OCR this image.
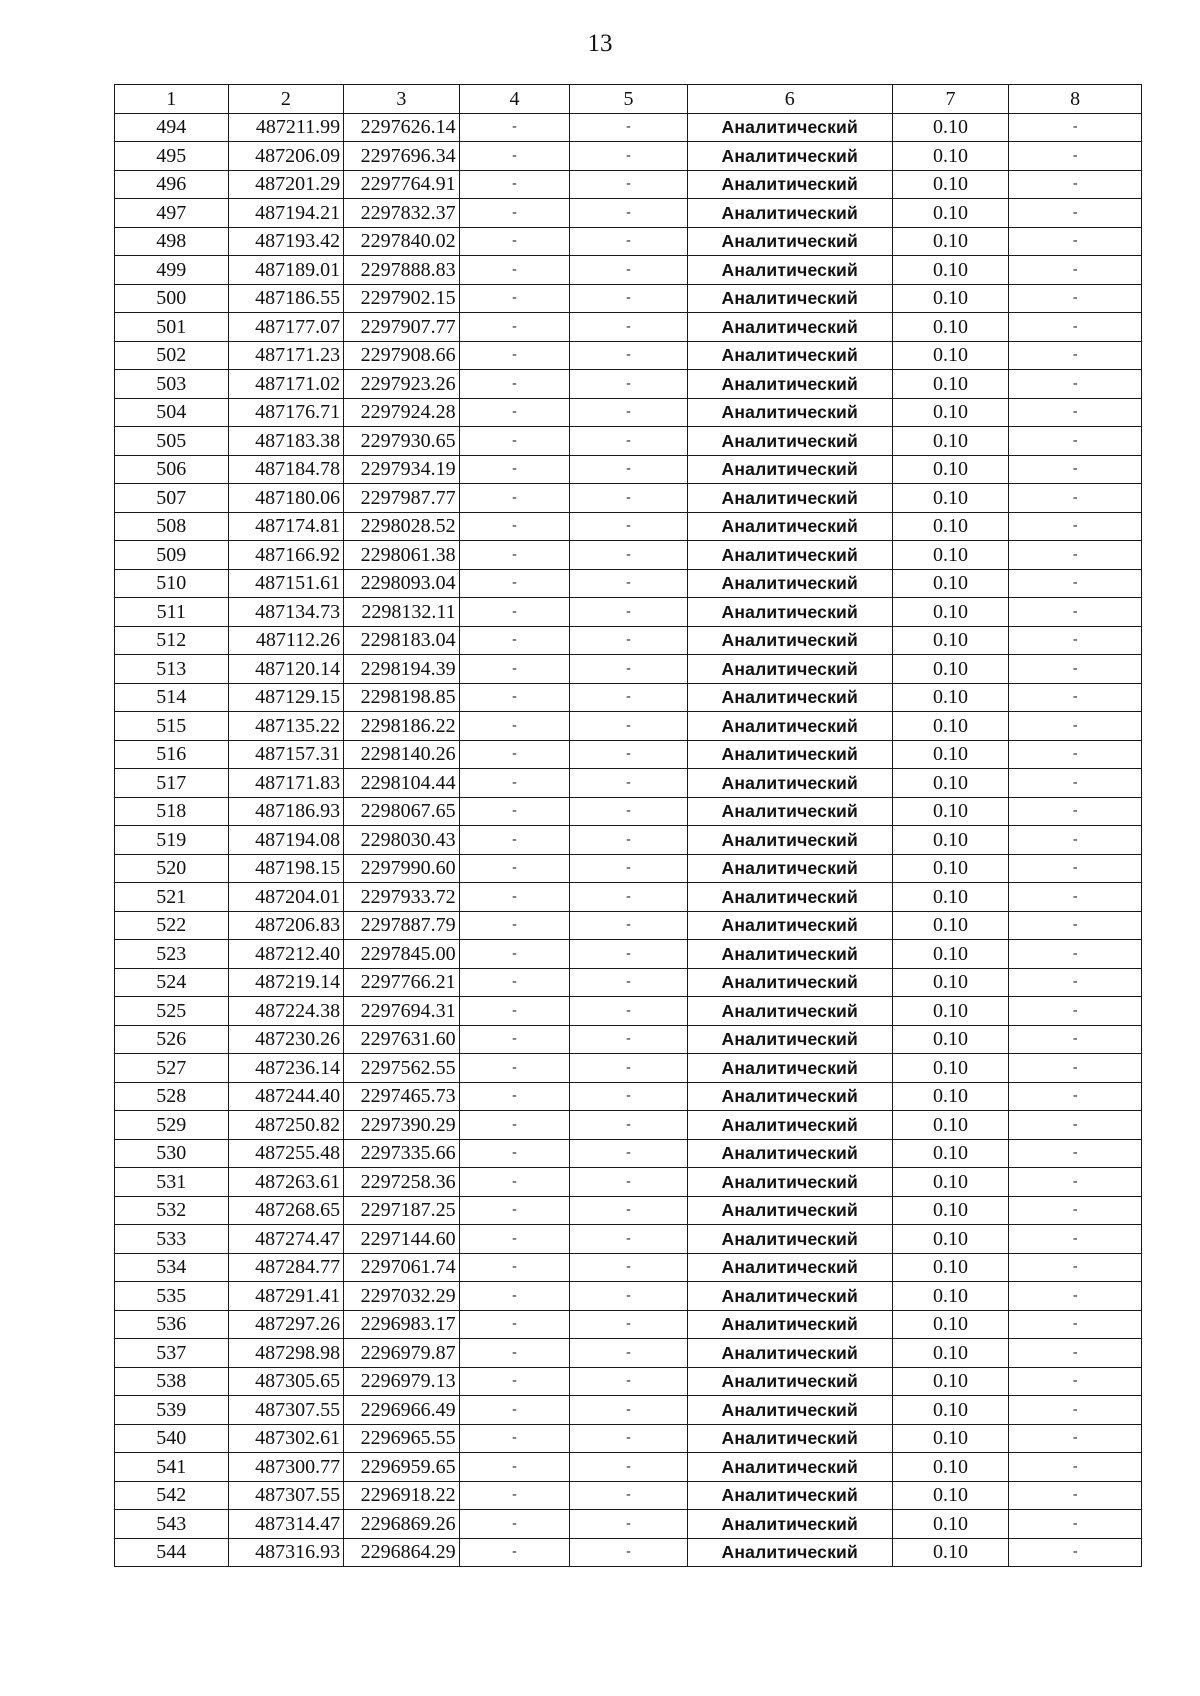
13
1	2	3	4	5	6	7	8
494	487211.99	2297626.14	-	-	Аналитический	0.10	-
495	487206.09	2297696.34	-	-	Аналитический	0.10	-
496	487201.29	2297764.91	-	-	Аналитический	0.10	-
497	487194.21	2297832.37	-	-	Аналитический	0.10	-
498	487193.42	2297840.02	-	-	Аналитический	0.10	-
499	487189.01	2297888.83	-	-	Аналитический	0.10	-
500	487186.55	2297902.15	-	-	Аналитический	0.10	-
501	487177.07	2297907.77	-	-	Аналитический	0.10	-
502	487171.23	2297908.66	-	-	Аналитический	0.10	-
503	487171.02	2297923.26	-	-	Аналитический	0.10	-
504	487176.71	2297924.28	-	-	Аналитический	0.10	-
505	487183.38	2297930.65	-	-	Аналитический	0.10	-
506	487184.78	2297934.19	-	-	Аналитический	0.10	-
507	487180.06	2297987.77	-	-	Аналитический	0.10	-
508	487174.81	2298028.52	-	-	Аналитический	0.10	-
509	487166.92	2298061.38	-	-	Аналитический	0.10	-
510	487151.61	2298093.04	-	-	Аналитический	0.10	-
511	487134.73	2298132.11	-	-	Аналитический	0.10	-
512	487112.26	2298183.04	-	-	Аналитический	0.10	-
513	487120.14	2298194.39	-	-	Аналитический	0.10	-
514	487129.15	2298198.85	-	-	Аналитический	0.10	-
515	487135.22	2298186.22	-	-	Аналитический	0.10	-
516	487157.31	2298140.26	-	-	Аналитический	0.10	-
517	487171.83	2298104.44	-	-	Аналитический	0.10	-
518	487186.93	2298067.65	-	-	Аналитический	0.10	-
519	487194.08	2298030.43	-	-	Аналитический	0.10	-
520	487198.15	2297990.60	-	-	Аналитический	0.10	-
521	487204.01	2297933.72	-	-	Аналитический	0.10	-
522	487206.83	2297887.79	-	-	Аналитический	0.10	-
523	487212.40	2297845.00	-	-	Аналитический	0.10	-
524	487219.14	2297766.21	-	-	Аналитический	0.10	-
525	487224.38	2297694.31	-	-	Аналитический	0.10	-
526	487230.26	2297631.60	-	-	Аналитический	0.10	-
527	487236.14	2297562.55	-	-	Аналитический	0.10	-
528	487244.40	2297465.73	-	-	Аналитический	0.10	-
529	487250.82	2297390.29	-	-	Аналитический	0.10	-
530	487255.48	2297335.66	-	-	Аналитический	0.10	-
531	487263.61	2297258.36	-	-	Аналитический	0.10	-
532	487268.65	2297187.25	-	-	Аналитический	0.10	-
533	487274.47	2297144.60	-	-	Аналитический	0.10	-
534	487284.77	2297061.74	-	-	Аналитический	0.10	-
535	487291.41	2297032.29	-	-	Аналитический	0.10	-
536	487297.26	2296983.17	-	-	Аналитический	0.10	-
537	487298.98	2296979.87	-	-	Аналитический	0.10	-
538	487305.65	2296979.13	-	-	Аналитический	0.10	-
539	487307.55	2296966.49	-	-	Аналитический	0.10	-
540	487302.61	2296965.55	-	-	Аналитический	0.10	-
541	487300.77	2296959.65	-	-	Аналитический	0.10	-
542	487307.55	2296918.22	-	-	Аналитический	0.10	-
543	487314.47	2296869.26	-	-	Аналитический	0.10	-
544	487316.93	2296864.29	-	-	Аналитический	0.10	-
